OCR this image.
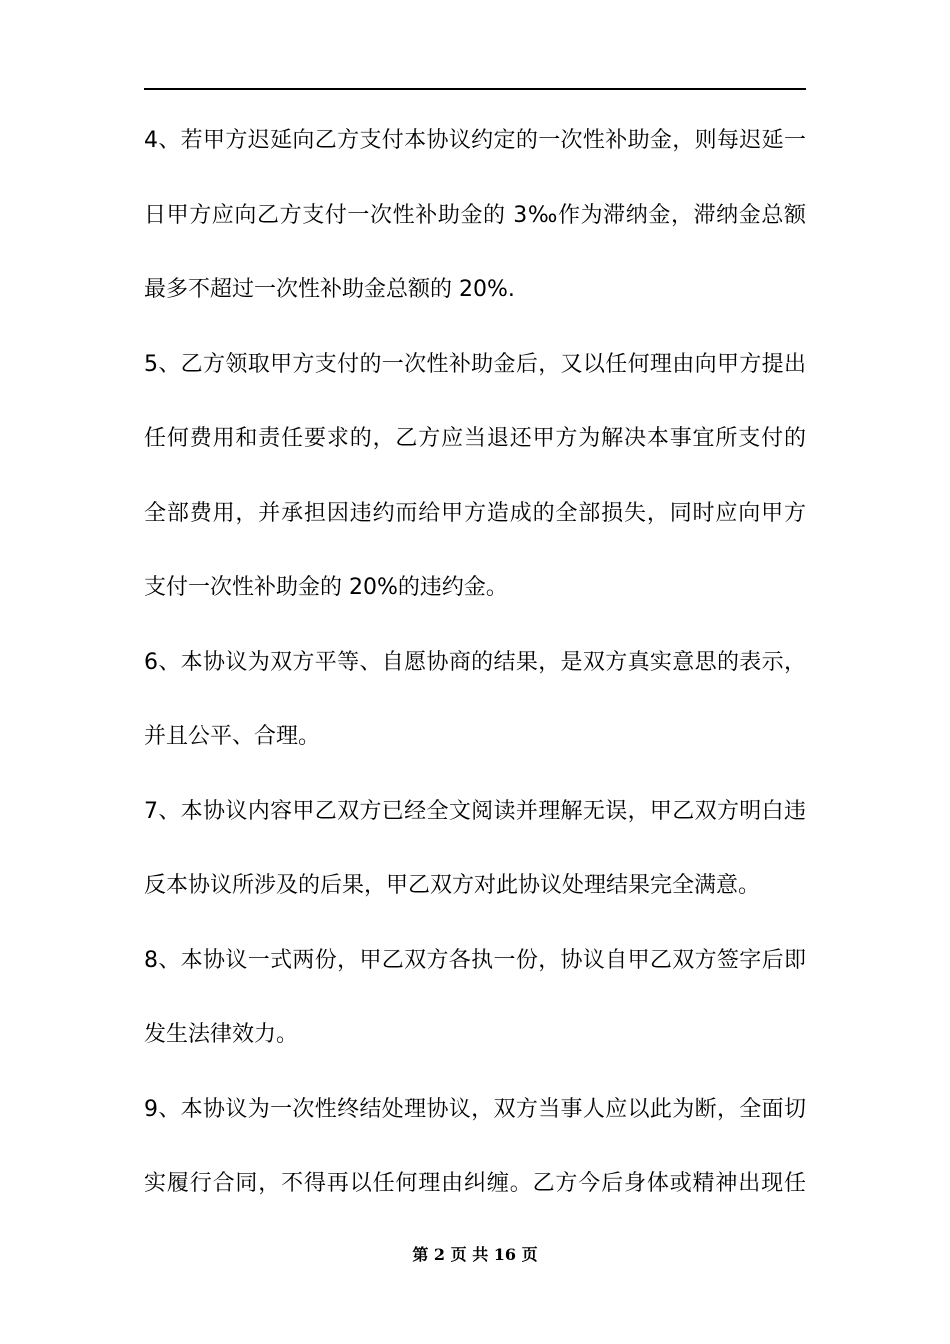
4、若甲方迟延向乙方支付本协议约定的一次性补助金，则每迟延一
日甲方应向乙方支付一次性补助金的 3‰作为滞纳金，滞纳金总额
最多不超过一次性补助金总额的 20%.
5、乙方领取甲方支付的一次性补助金后，又以任何理由向甲方提出
任何费用和责任要求的，乙方应当退还甲方为解决本事宜所支付的
全部费用，并承担因违约而给甲方造成的全部损失，同时应向甲方
支付一次性补助金的 20%的违约金。
6、本协议为双方平等、自愿协商的结果，是双方真实意思的表示，
并且公平、合理。
7、本协议内容甲乙双方已经全文阅读并理解无误，甲乙双方明白违
反本协议所涉及的后果，甲乙双方对此协议处理结果完全满意。
8、本协议一式两份，甲乙双方各执一份，协议自甲乙双方签字后即
发生法律效力。
9、本协议为一次性终结处理协议，双方当事人应以此为断，全面切
实履行合同，不得再以任何理由纠缠。乙方今后身体或精神出现任
第 2 页 共 16 页
